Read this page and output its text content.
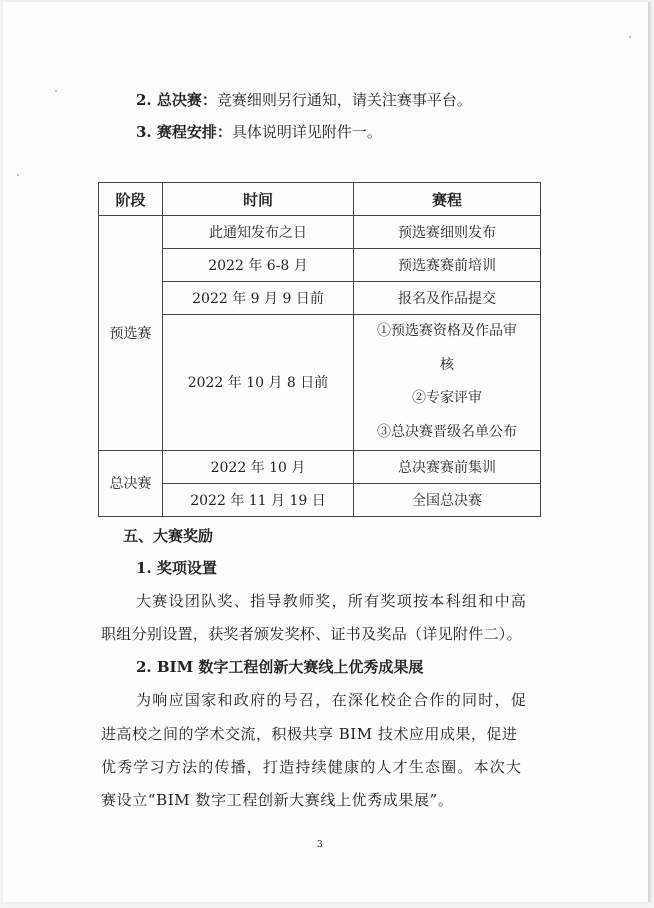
2. 总决赛：竞赛细则另行通知，请关注赛事平台。
3. 赛程安排：具体说明详见附件一。
阶段	时间	赛程
预选赛	此通知发布之日	预选赛细则发布
	2022 年 6-8 月	预选赛赛前培训
	2022 年 9 月 9 日前	报名及作品提交
	2022 年 10 月 8 日前	①预选赛资格及作品审
核
②专家评审
③总决赛晋级名单公布

总决赛	2022 年 10 月	总决赛赛前集训
	2022 年 11 月 19 日	全国总决赛
五、大赛奖励
1. 奖项设置
大赛设团队奖、指导教师奖，所有奖项按本科组和中高
职组分别设置，获奖者颁发奖杯、证书及奖品（详见附件二）。
2. BIM 数字工程创新大赛线上优秀成果展
为响应国家和政府的号召，在深化校企合作的同时，促
进高校之间的学术交流，积极共享 BIM 技术应用成果，促进
优秀学习方法的传播，打造持续健康的人才生态圈。本次大
赛设立“BIM 数字工程创新大赛线上优秀成果展”。
3
